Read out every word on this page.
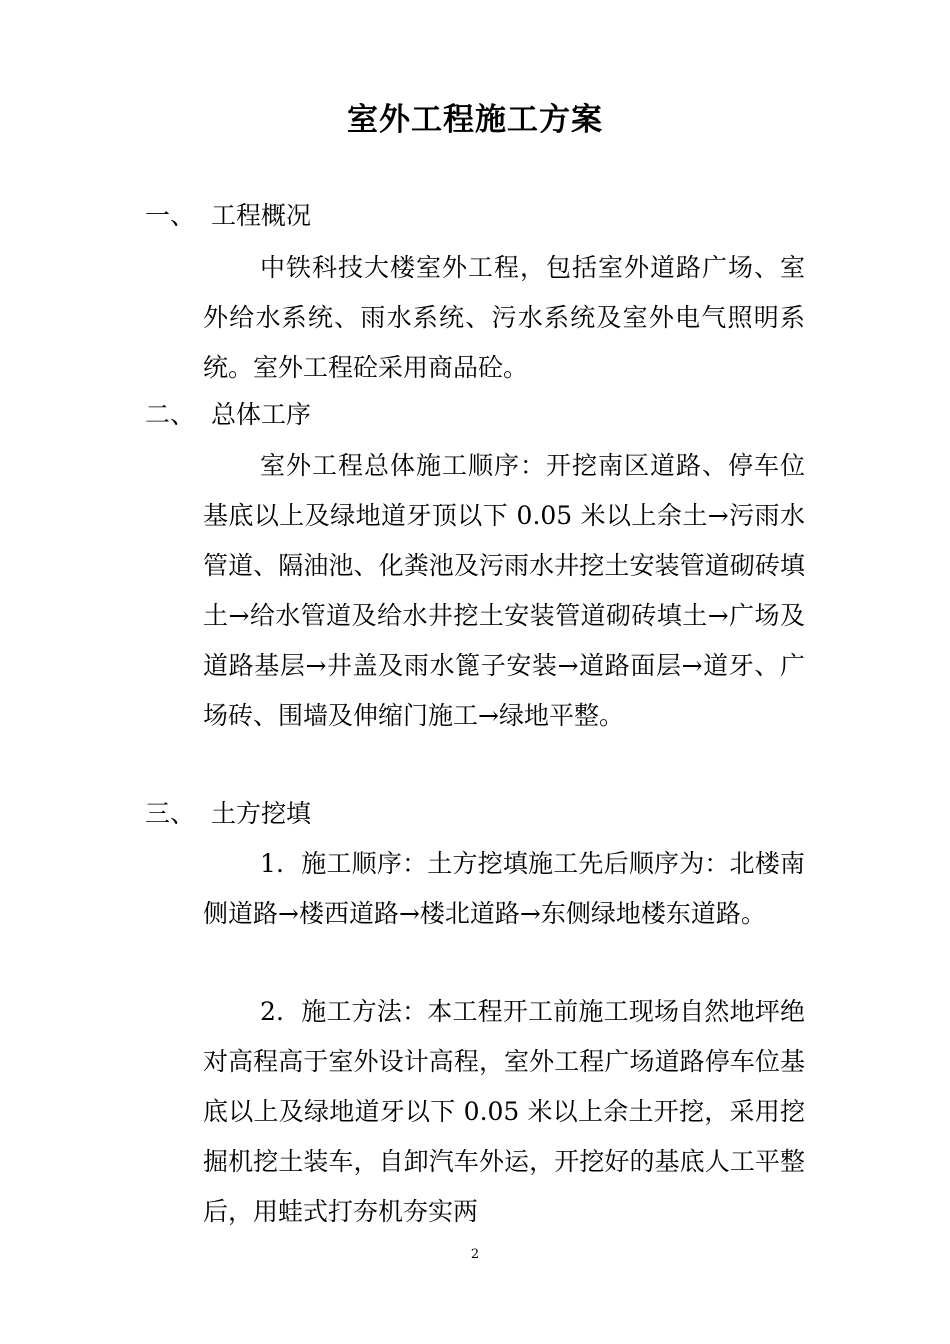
室外工程施工方案
一、 工程概况
中铁科技大楼室外工程，包括室外道路广场、室外给水系统、雨水系统、污水系统及室外电气照明系统。室外工程砼采用商品砼。
二、 总体工序
室外工程总体施工顺序：开挖南区道路、停车位基底以上及绿地道牙顶以下 0.05 米以上余土→污雨水管道、隔油池、化粪池及污雨水井挖土安装管道砌砖填土→给水管道及给水井挖土安装管道砌砖填土→广场及道路基层→井盖及雨水篦子安装→道路面层→道牙、广场砖、围墙及伸缩门施工→绿地平整。
三、 土方挖填
1．施工顺序：土方挖填施工先后顺序为：北楼南侧道路→楼西道路→楼北道路→东侧绿地楼东道路。
2．施工方法：本工程开工前施工现场自然地坪绝对高程高于室外设计高程，室外工程广场道路停车位基底以上及绿地道牙以下 0.05 米以上余土开挖，采用挖掘机挖土装车，自卸汽车外运，开挖好的基底人工平整后，用蛙式打夯机夯实两
2
